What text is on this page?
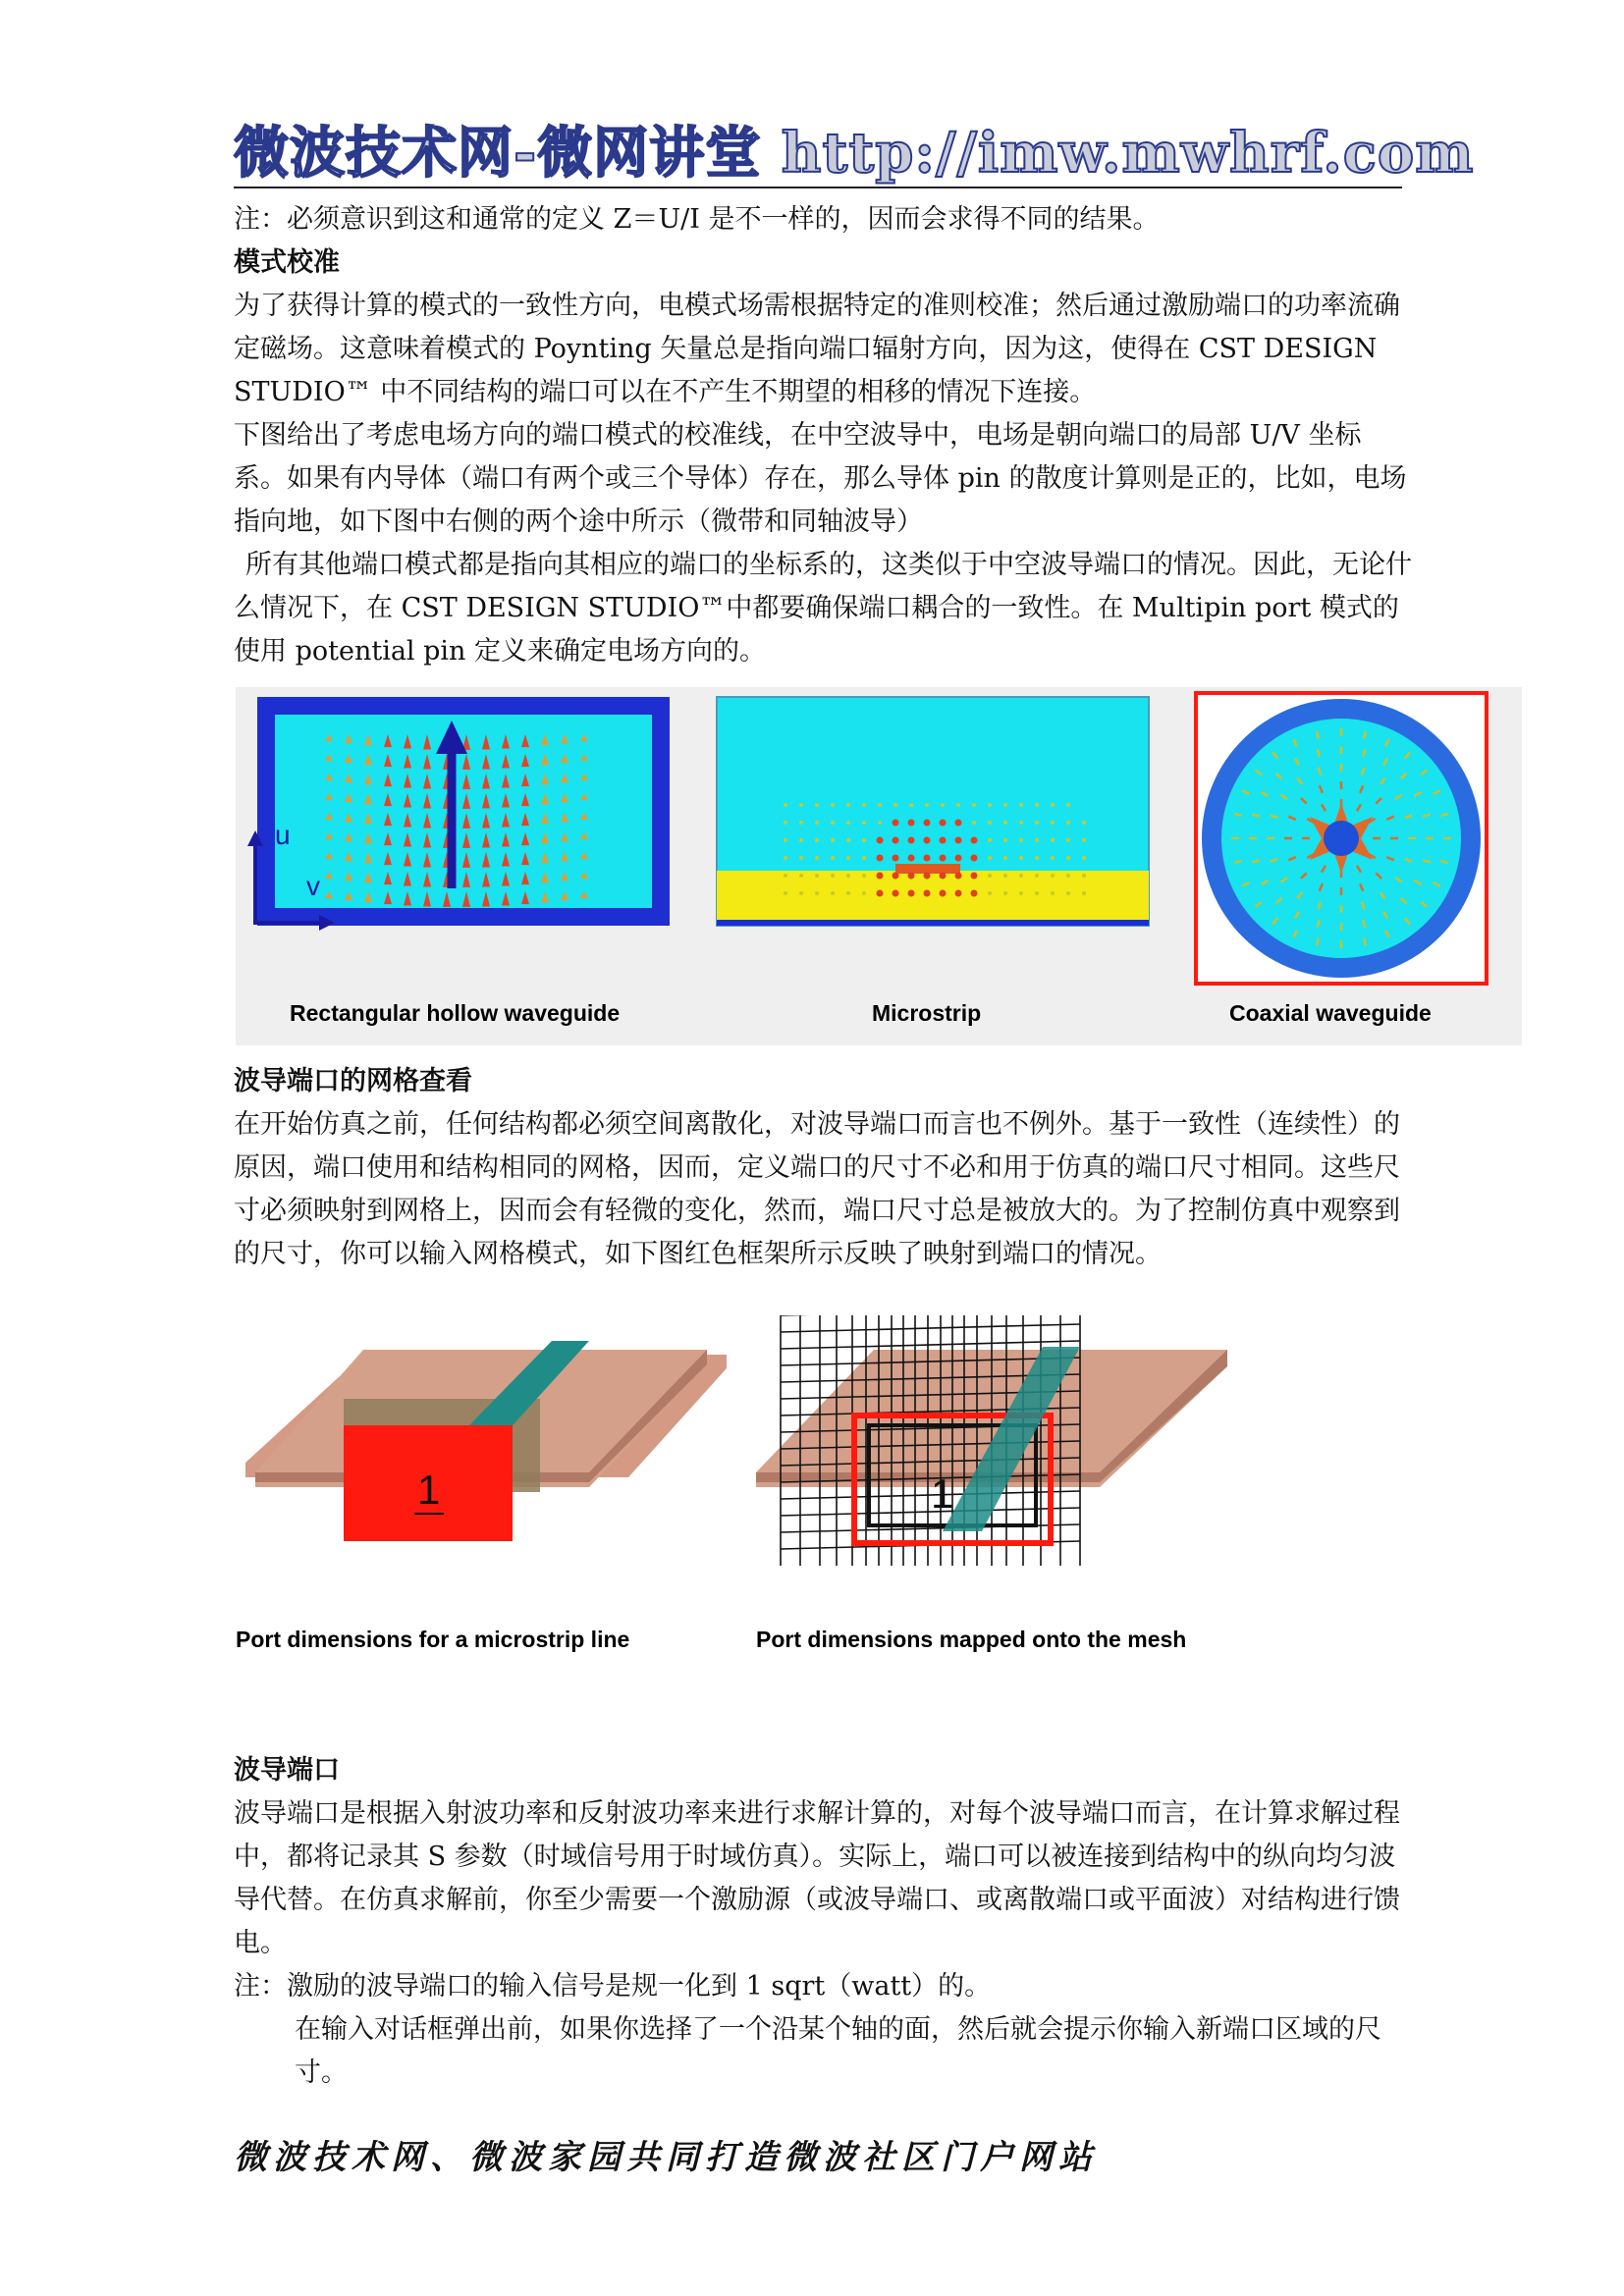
微波技术网-微网讲堂 http://imw.mwhrf.com
注：必须意识到这和通常的定义 Z＝U/I 是不一样的，因而会求得不同的结果。
模式校准
为了获得计算的模式的一致性方向，电模式场需根据特定的准则校准；然后通过激励端口的功率流确定磁场。这意味着模式的 Poynting 矢量总是指向端口辐射方向，因为这，使得在 CST DESIGN STUDIO™ 中不同结构的端口可以在不产生不期望的相移的情况下连接。
下图给出了考虑电场方向的端口模式的校准线，在中空波导中，电场是朝向端口的局部 U/V 坐标系。如果有内导体（端口有两个或三个导体）存在，那么导体 pin 的散度计算则是正的，比如，电场指向地，如下图中右侧的两个途中所示（微带和同轴波导）
所有其他端口模式都是指向其相应的端口的坐标系的，这类似于中空波导端口的情况。因此，无论什么情况下，在 CST DESIGN STUDIO™中都要确保端口耦合的一致性。在 Multipin port 模式的使用 potential pin 定义来确定电场方向的。
u
v
Rectangular hollow waveguide	Microstrip	Coaxial waveguide
波导端口的网格查看
在开始仿真之前，任何结构都必须空间离散化，对波导端口而言也不例外。基于一致性（连续性）的原因，端口使用和结构相同的网格，因而，定义端口的尺寸不必和用于仿真的端口尺寸相同。这些尺寸必须映射到网格上，因而会有轻微的变化，然而，端口尺寸总是被放大的。为了控制仿真中观察到的尺寸，你可以输入网格模式，如下图红色框架所示反映了映射到端口的情况。
1	1
Port dimensions for a microstrip line	Port dimensions mapped onto the mesh
波导端口
波导端口是根据入射波功率和反射波功率来进行求解计算的，对每个波导端口而言，在计算求解过程中，都将记录其 S 参数（时域信号用于时域仿真）。实际上，端口可以被连接到结构中的纵向均匀波导代替。在仿真求解前，你至少需要一个激励源（或波导端口、或离散端口或平面波）对结构进行馈电。
注：激励的波导端口的输入信号是规一化到 1 sqrt（watt）的。
在输入对话框弹出前，如果你选择了一个沿某个轴的面，然后就会提示你输入新端口区域的尺寸。
微波技术网、微波家园共同打造微波社区门户网站
